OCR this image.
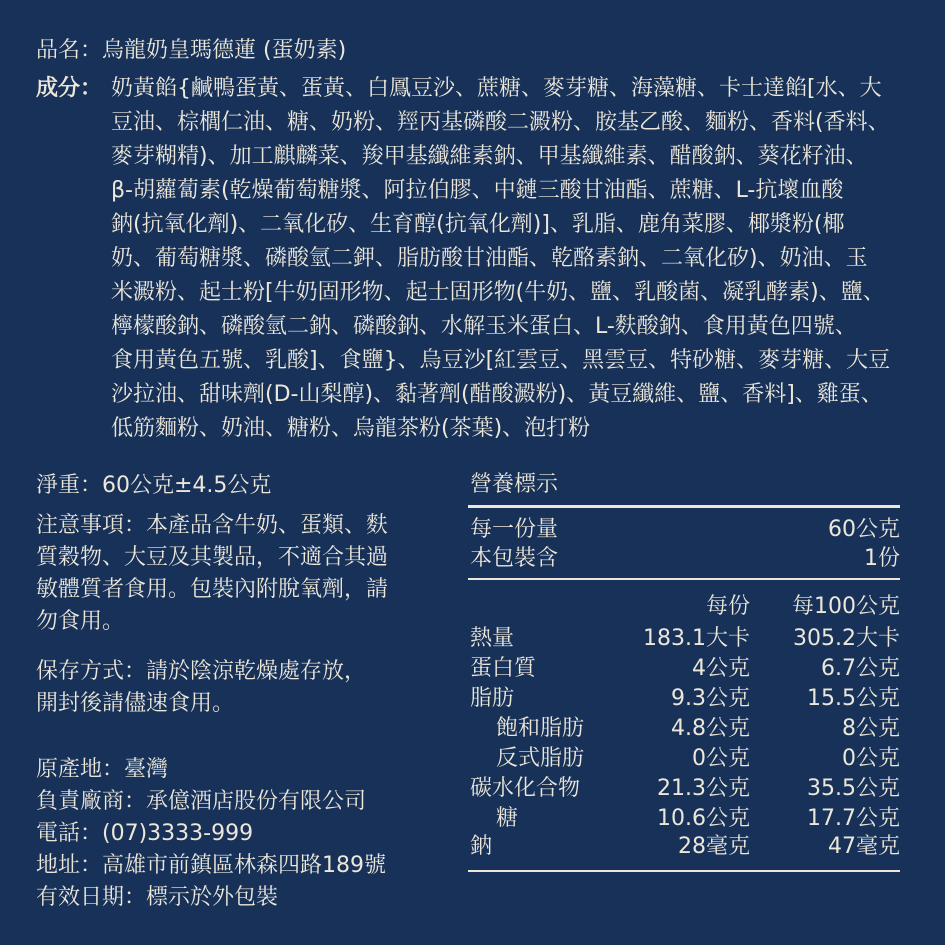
品名：烏龍奶皇瑪德蓮 (蛋奶素)
成分： 奶黃餡{鹹鴨蛋黃、蛋黃、白鳳豆沙、蔗糖、麥芽糖、海藻糖、卡士達餡[水、大
豆油、棕櫚仁油、糖、奶粉、羥丙基磷酸二澱粉、胺基乙酸、麵粉、香料(香料、
麥芽糊精)、加工麒麟菜、羧甲基纖維素鈉、甲基纖維素、醋酸鈉、葵花籽油、
β-胡蘿蔔素(乾燥葡萄糖漿、阿拉伯膠、中鏈三酸甘油酯、蔗糖、L-抗壞血酸
鈉(抗氧化劑)、二氧化矽、生育醇(抗氧化劑)]、乳脂、鹿角菜膠、椰漿粉(椰
奶、葡萄糖漿、磷酸氫二鉀、脂肪酸甘油酯、乾酪素鈉、二氧化矽)、奶油、玉
米澱粉、起士粉[牛奶固形物、起士固形物(牛奶、鹽、乳酸菌、凝乳酵素)、鹽、
檸檬酸鈉、磷酸氫二鈉、磷酸鈉、水解玉米蛋白、L-麩酸鈉、食用黃色四號、
食用黃色五號、乳酸]、食鹽}、烏豆沙[紅雲豆、黑雲豆、特砂糖、麥芽糖、大豆
沙拉油、甜味劑(D-山梨醇)、黏著劑(醋酸澱粉)、黃豆纖維、鹽、香料]、雞蛋、
低筋麵粉、奶油、糖粉、烏龍茶粉(茶葉)、泡打粉
淨重：60公克±4.5公克
注意事項：本產品含牛奶、蛋類、麩
質穀物、大豆及其製品，不適合其過
敏體質者食用。包裝內附脫氧劑，請
勿食用。
保存方式：請於陰涼乾燥處存放，
開封後請儘速食用。
原產地：臺灣
負責廠商：承億酒店股份有限公司
電話：(07)3333-999
地址：高雄市前鎮區林森四路189號
有效日期：標示於外包裝
營養標示
每一份量	60公克
本包裝含	1份
每份 每100公克
熱量	183.1大卡 305.2大卡
蛋白質	4公克	6.7公克
脂肪	9.3公克	15.5公克
飽和脂肪	4.8公克	8公克
反式脂肪	0公克	0公克
碳水化合物	21.3公克	35.5公克
糖	10.6公克	17.7公克
鈉	28毫克	47毫克
